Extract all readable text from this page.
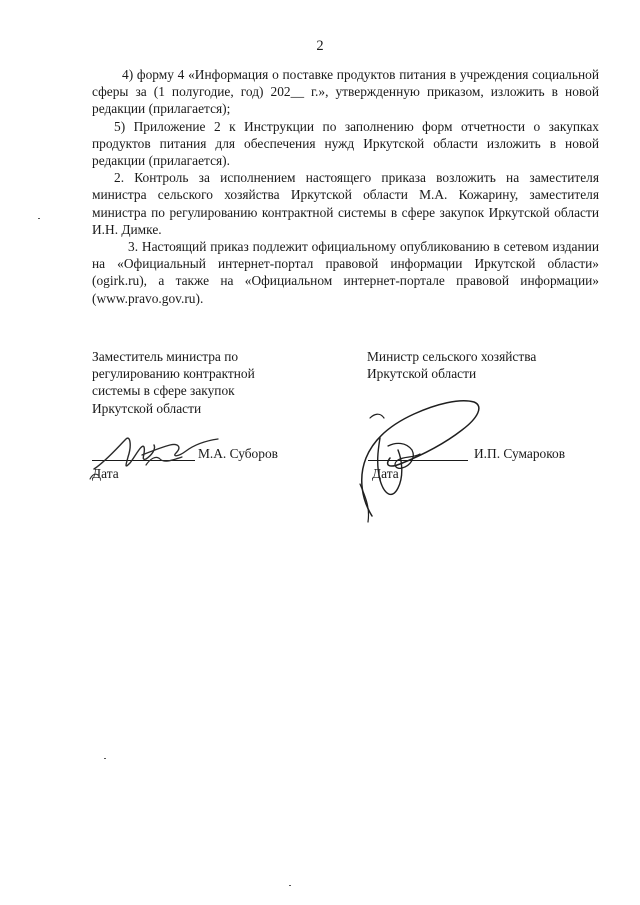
2

4) форму 4 «Информация о поставке продуктов питания в учреждения социальной сферы за (1 полугодие, год) 202__ г.», утвержденную приказом, изложить в новой редакции (прилагается);

5) Приложение 2 к Инструкции по заполнению форм отчетности о закупках продуктов питания для обеспечения нужд Иркутской области изложить в новой редакции (прилагается).

2. Контроль за исполнением настоящего приказа возложить на заместителя министра сельского хозяйства Иркутской области М.А. Кожарину, заместителя министра по регулированию контрактной системы в сфере закупок Иркутской области И.Н. Димке.

3. Настоящий приказ подлежит официальному опубликованию в сетевом издании на «Официальный интернет-портал правовой информации Иркутской области» (ogirk.ru), а также на «Официальном интернет-портале правовой информации» (www.pravo.gov.ru).

Заместитель министра по
регулированию контрактной
системы в сфере закупок
Иркутской области
М.А. Суборов
Дата
Министр сельского хозяйства
Иркутской области
И.П. Сумароков
Дата
